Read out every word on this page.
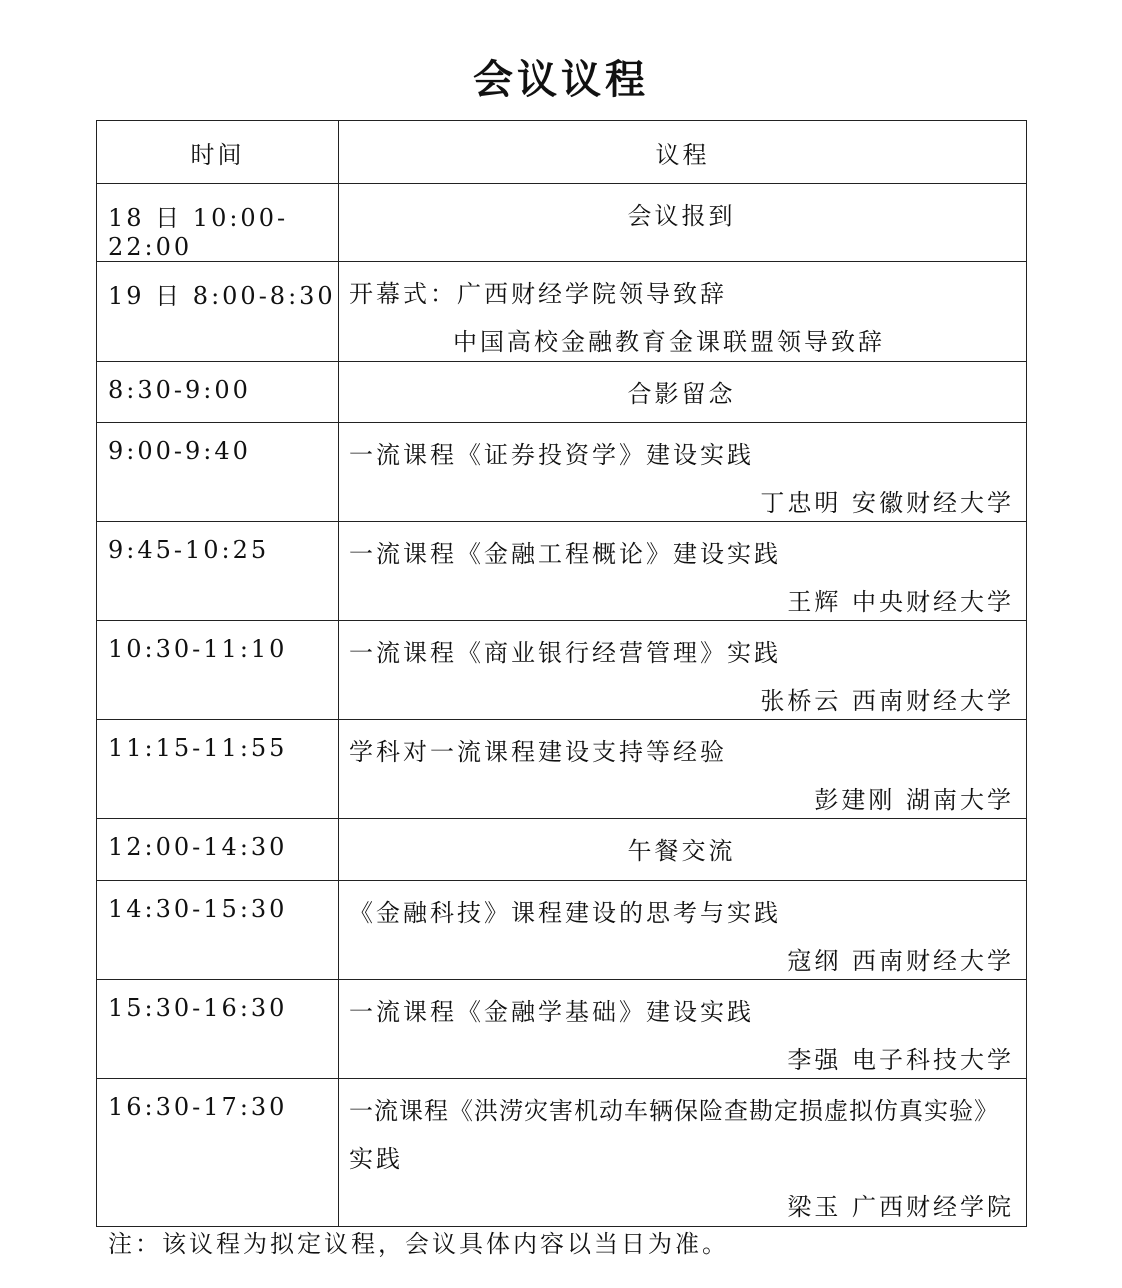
会议议程
时间	议程
18 日 10:00-22:00	会议报到

19 日 8:00-8:30	开幕式：广西财经学院领导致辞
中国高校金融教育金课联盟领导致辞

8:30-9:00	合影留念

9:00-9:40	一流课程《证券投资学》建设实践
丁忠明 安徽财经大学

9:45-10:25	一流课程《金融工程概论》建设实践
王辉 中央财经大学

10:30-11:10	一流课程《商业银行经营管理》实践
张桥云 西南财经大学

11:15-11:55	学科对一流课程建设支持等经验
彭建刚 湖南大学

12:00-14:30	午餐交流

14:30-15:30	《金融科技》课程建设的思考与实践
寇纲 西南财经大学

15:30-16:30	一流课程《金融学基础》建设实践
李强 电子科技大学

16:30-17:30	一流课程《洪涝灾害机动车辆保险查勘定损虚拟仿真实验》
实践
梁玉 广西财经学院
注：该议程为拟定议程，会议具体内容以当日为准。
